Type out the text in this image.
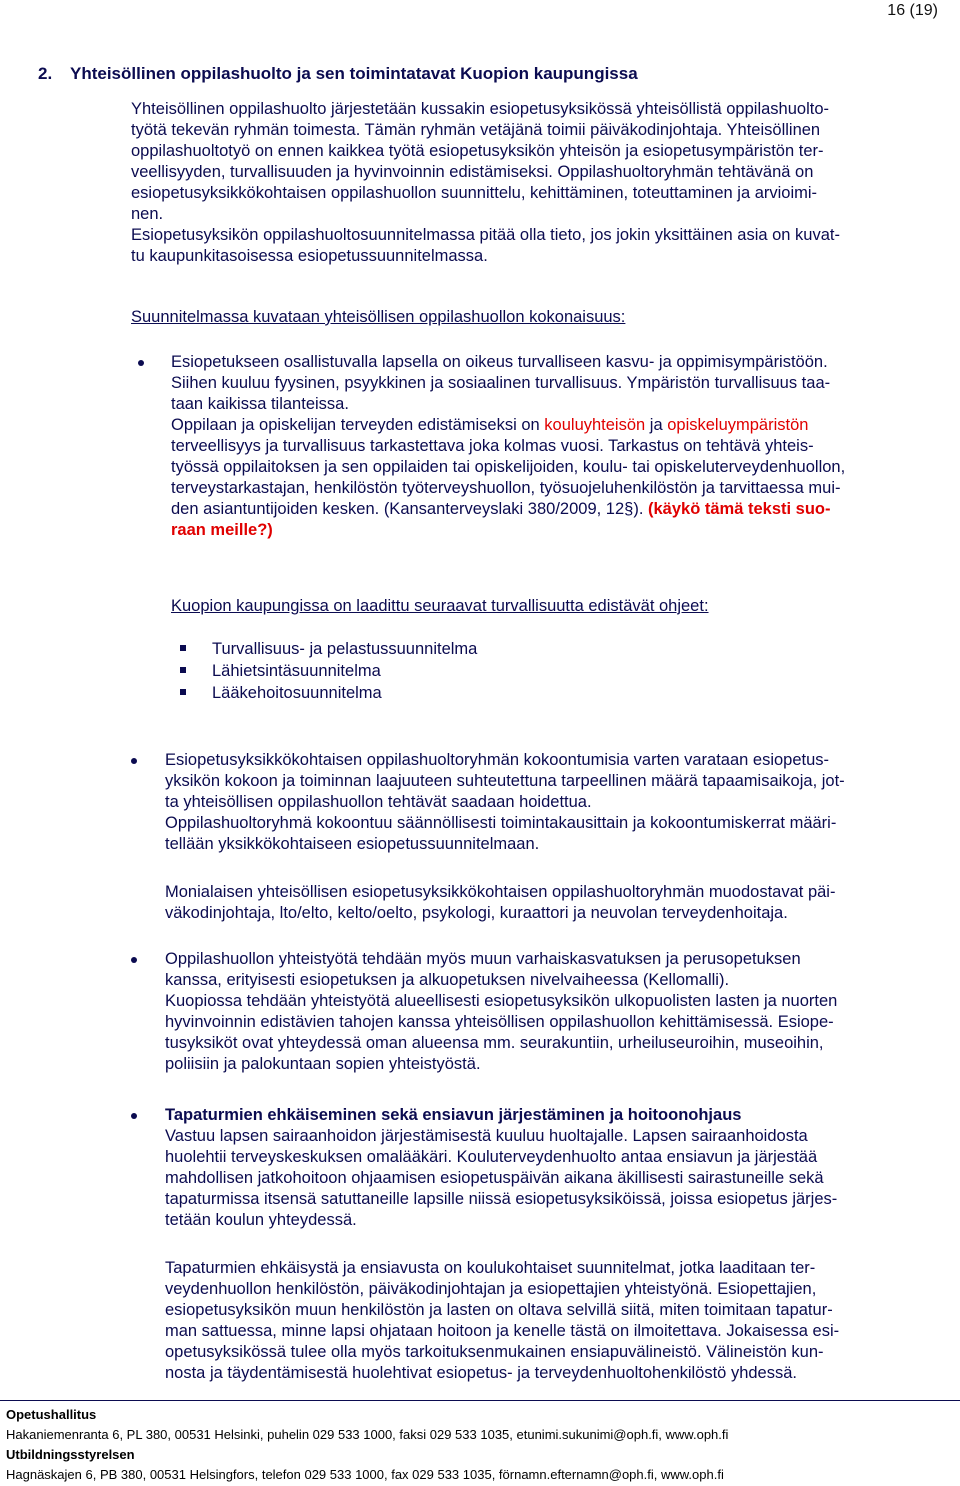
16 (19)
2. Yhteisöllinen oppilashuolto ja sen toimintatavat Kuopion kaupungissa
Yhteisöllinen oppilashuolto järjestetään kussakin esiopetusyksikössä yhteisöllistä oppilashuolto-
työtä tekevän ryhmän toimesta. Tämän ryhmän vetäjänä toimii päiväkodinjohtaja. Yhteisöllinen
oppilashuoltotyö on ennen kaikkea työtä esiopetusyksikön yhteisön ja esiopetusympäristön ter-
veellisyyden, turvallisuuden ja hyvinvoinnin edistämiseksi. Oppilashuoltoryhmän tehtävänä on
esiopetusyksikkökohtaisen oppilashuollon suunnittelu, kehittäminen, toteuttaminen ja arvioimi-
nen.
Esiopetusyksikön oppilashuoltosuunnitelmassa pitää olla tieto, jos jokin yksittäinen asia on kuvat-
tu kaupunkitasoisessa esiopetussuunnitelmassa.
Suunnitelmassa kuvataan yhteisöllisen oppilashuollon kokonaisuus:
Esiopetukseen osallistuvalla lapsella on oikeus turvalliseen kasvu- ja oppimisympäristöön.
Siihen kuuluu fyysinen, psyykkinen ja sosiaalinen turvallisuus. Ympäristön turvallisuus taa-
taan kaikissa tilanteissa.
Oppilaan ja opiskelijan terveyden edistämiseksi on kouluyhteisön ja opiskeluympäristön
terveellisyys ja turvallisuus tarkastettava joka kolmas vuosi. Tarkastus on tehtävä yhteis-
työssä oppilaitoksen ja sen oppilaiden tai opiskelijoiden, koulu- tai opiskeluterveydenhuollon,
terveystarkastajan, henkilöstön työterveyshuollon, työsuojeluhenkilöstön ja tarvittaessa mui-
den asiantuntijoiden kesken. (Kansanterveyslaki 380/2009, 12§). (käykö tämä teksti suo-
raan meille?)
Kuopion kaupungissa on laadittu seuraavat turvallisuutta edistävät ohjeet:
Turvallisuus- ja pelastussuunnitelma
Lähietsintäsuunnitelma
Lääkehoitosuunnitelma
Esiopetusyksikkökohtaisen oppilashuoltoryhmän kokoontumisia varten varataan esiopetus-
yksikön kokoon ja toiminnan laajuuteen suhteutettuna tarpeellinen määrä tapaamisaikoja, jot-
ta yhteisöllisen oppilashuollon tehtävät saadaan hoidettua.
Oppilashuoltoryhmä kokoontuu säännöllisesti toimintakausittain ja kokoontumiskerrat määri-
tellään yksikkökohtaiseen esiopetussuunnitelmaan.
Monialaisen yhteisöllisen esiopetusyksikkökohtaisen oppilashuoltoryhmän muodostavat päi-
väkodinjohtaja, lto/elto, kelto/oelto, psykologi, kuraattori ja neuvolan terveydenhoitaja.
Oppilashuollon yhteistyötä tehdään myös muun varhaiskasvatuksen ja perusopetuksen
kanssa, erityisesti esiopetuksen ja alkuopetuksen nivelvaiheessa (Kellomalli).
Kuopiossa tehdään yhteistyötä alueellisesti esiopetusyksikön ulkopuolisten lasten ja nuorten
hyvinvoinnin edistävien tahojen kanssa yhteisöllisen oppilashuollon kehittämisessä. Esiope-
tusyksiköt ovat yhteydessä oman alueensa mm. seurakuntiin, urheiluseuroihin, museoihin,
poliisiin ja palokuntaan sopien yhteistyöstä.
Tapaturmien ehkäiseminen sekä ensiavun järjestäminen ja hoitoonohjaus
Vastuu lapsen sairaanhoidon järjestämisestä kuuluu huoltajalle. Lapsen sairaanhoidosta
huolehtii terveyskeskuksen omalääkäri. Kouluterveydenhuolto antaa ensiavun ja järjestää
mahdollisen jatkohoitoon ohjaamisen esiopetuspäivän aikana äkillisesti sairastuneille sekä
tapaturmissa itsensä satuttaneille lapsille niissä esiopetusyksiköissä, joissa esiopetus järjes-
tetään koulun yhteydessä.
Tapaturmien ehkäisystä ja ensiavusta on koulukohtaiset suunnitelmat, jotka laaditaan ter-
veydenhuollon henkilöstön, päiväkodinjohtajan ja esiopettajien yhteistyönä. Esiopettajien,
esiopetusyksikön muun henkilöstön ja lasten on oltava selvillä siitä, miten toimitaan tapatur-
man sattuessa, minne lapsi ohjataan hoitoon ja kenelle tästä on ilmoitettava. Jokaisessa esi-
opetusyksikössä tulee olla myös tarkoituksenmukainen ensiapuvälineistö. Välineistön kun-
nosta ja täydentämisestä huolehtivat esiopetus- ja terveydenhuoltohenkilöstö yhdessä.
Opetushallitus
Hakaniemenranta 6, PL 380, 00531 Helsinki, puhelin 029 533 1000, faksi 029 533 1035, etunimi.sukunimi@oph.fi, www.oph.fi
Utbildningsstyrelsen
Hagnäskajen 6, PB 380, 00531 Helsingfors, telefon 029 533 1000, fax 029 533 1035, förnamn.efternamn@oph.fi, www.oph.fi
